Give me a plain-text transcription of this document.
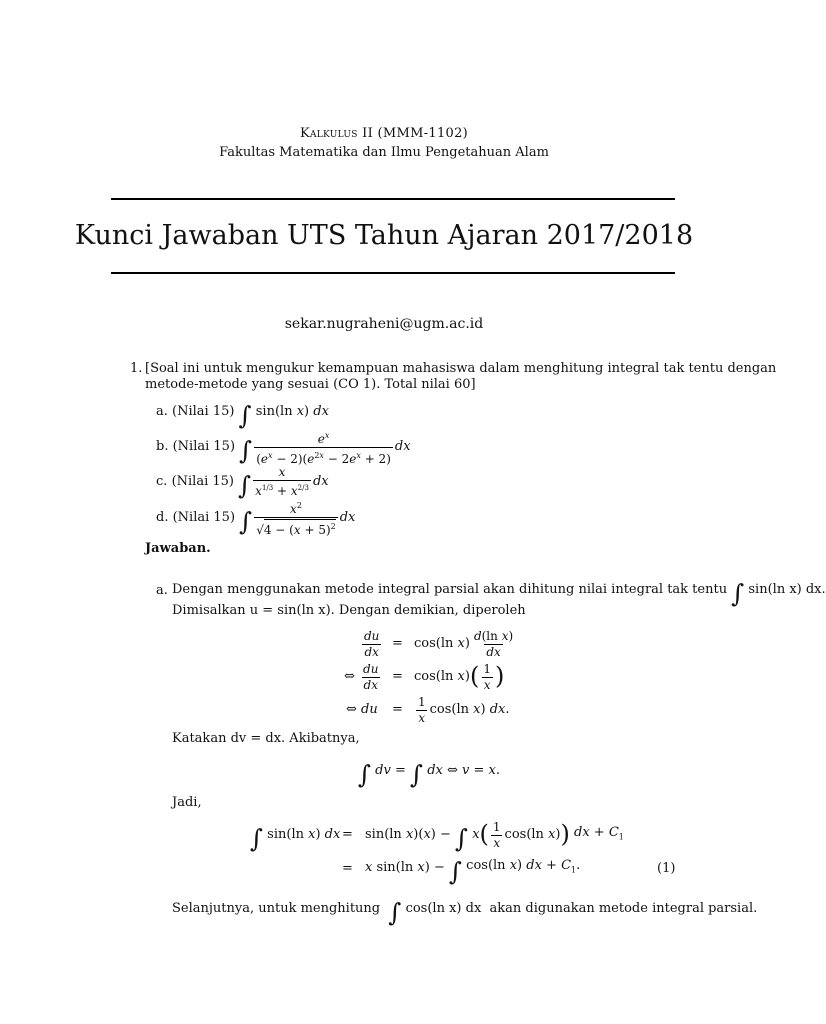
Kalkulus II (MMM-1102)
Fakultas Matematika dan Ilmu Pengetahuan Alam
Kunci Jawaban UTS Tahun Ajaran 2017/2018
sekar.nugraheni@ugm.ac.id
1. [Soal ini untuk mengukur kemampuan mahasiswa dalam menghitung integral tak tentu dengan
metode-metode yang sesuai (CO 1). Total nilai 60]
a.
(Nilai 15)
∫
sin(ln x) dx
b.
(Nilai 15)
∫ $\frac{e^x}{(e^x - 2)(e^{2x} - 2e^x + 2)}$ dx
c.
(Nilai 15)
∫ $\frac{x}{x^{1/3} + x^{2/3}}$ dx
d.
(Nilai 15)
∫ $\frac{x^2}{√4 - (x + 5)^2}$ dx
Jawaban.
a. Dengan menggunakan metode integral parsial akan dihitung nilai integral tak tentu
∫
sin(ln x) dx.
Dimisalkan u = sin(ln x). Dengan demikian, diperoleh
$\frac{du}{dx} = \cos(\ln$ $x) \frac{\text{d(ln x)}}{dx}$
⇔ $\frac{du}{dx} = \cos(\ln$ x) ( $\frac{1}{x}$ )
⇔ du = $\frac{1}{x} \cos(\ln$ x) dx.
Katakan dv = dx. Akibatnya,
∫
dv = ∫
dx ⇔ v = x .
Jadi,
∫
sin(ln x) dx = sin(ln x)(x) − ∫
x ( $\frac{1}{x} \cos(\ln$ x) ) dx + $C_1$
= x sin(ln x) − ∫
cos(ln x) dx + $C_1$.	(1)
Selanjutnya, untuk menghitung
∫
cos(ln x) dx
akan digunakan metode integral parsial.
